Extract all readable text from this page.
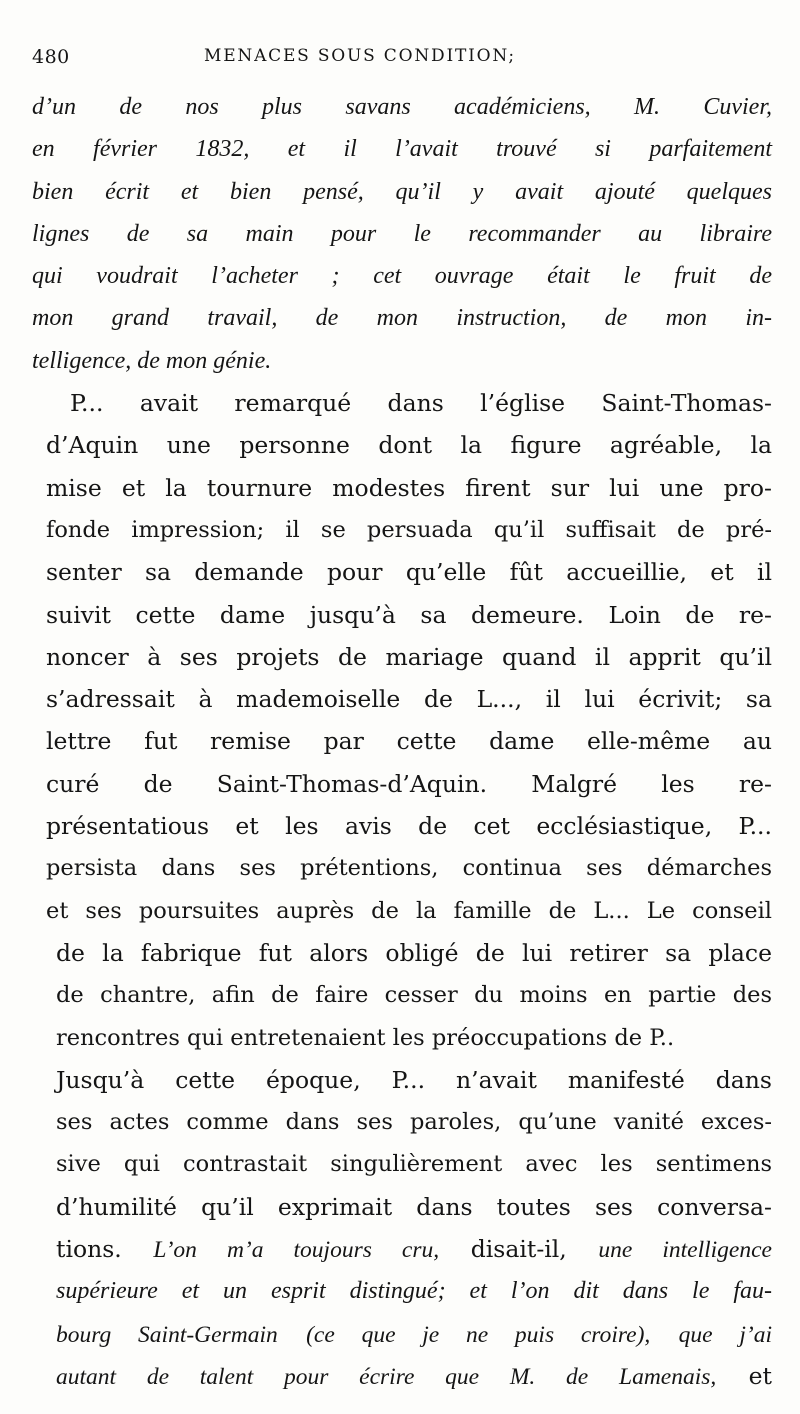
480	MENACES SOUS CONDITION;
d’un de nos plus savans académiciens, M. Cuvier,
en février 1832, et il l’avait trouvé si parfaitement
bien écrit et bien pensé, qu’il y avait ajouté quelques
lignes de sa main pour le recommander au libraire
qui voudrait l’acheter ; cet ouvrage était le fruit de
mon grand travail, de mon instruction, de mon in-
telligence, de mon génie.
P... avait remarqué dans l’église Saint-Thomas-
d’Aquin une personne dont la figure agréable, la
mise et la tournure modestes firent sur lui une pro-
fonde impression; il se persuada qu’il suffisait de pré-
senter sa demande pour qu’elle fût accueillie, et il
suivit cette dame jusqu’à sa demeure. Loin de re-
noncer à ses projets de mariage quand il apprit qu’il
s’adressait à mademoiselle de L..., il lui écrivit; sa
lettre fut remise par cette dame elle-même au
curé de Saint-Thomas-d’Aquin. Malgré les re-
présentatious et les avis de cet ecclésiastique, P...
persista dans ses prétentions, continua ses démarches
et ses poursuites auprès de la famille de L... Le conseil
de la fabrique fut alors obligé de lui retirer sa place
de chantre, afin de faire cesser du moins en partie des
rencontres qui entretenaient les préoccupations de P..
Jusqu’à cette époque, P... n’avait manifesté dans
ses actes comme dans ses paroles, qu’une vanité exces-
sive qui contrastait singulièrement avec les sentimens
d’humilité qu’il exprimait dans toutes ses conversa-
tions. L’on m’a toujours cru, disait-il, une intelligence
supérieure et un esprit distingué; et l’on dit dans le fau-
bourg Saint-Germain (ce que je ne puis croire), que j’ai
autant de talent pour écrire que M. de Lamenais, et
